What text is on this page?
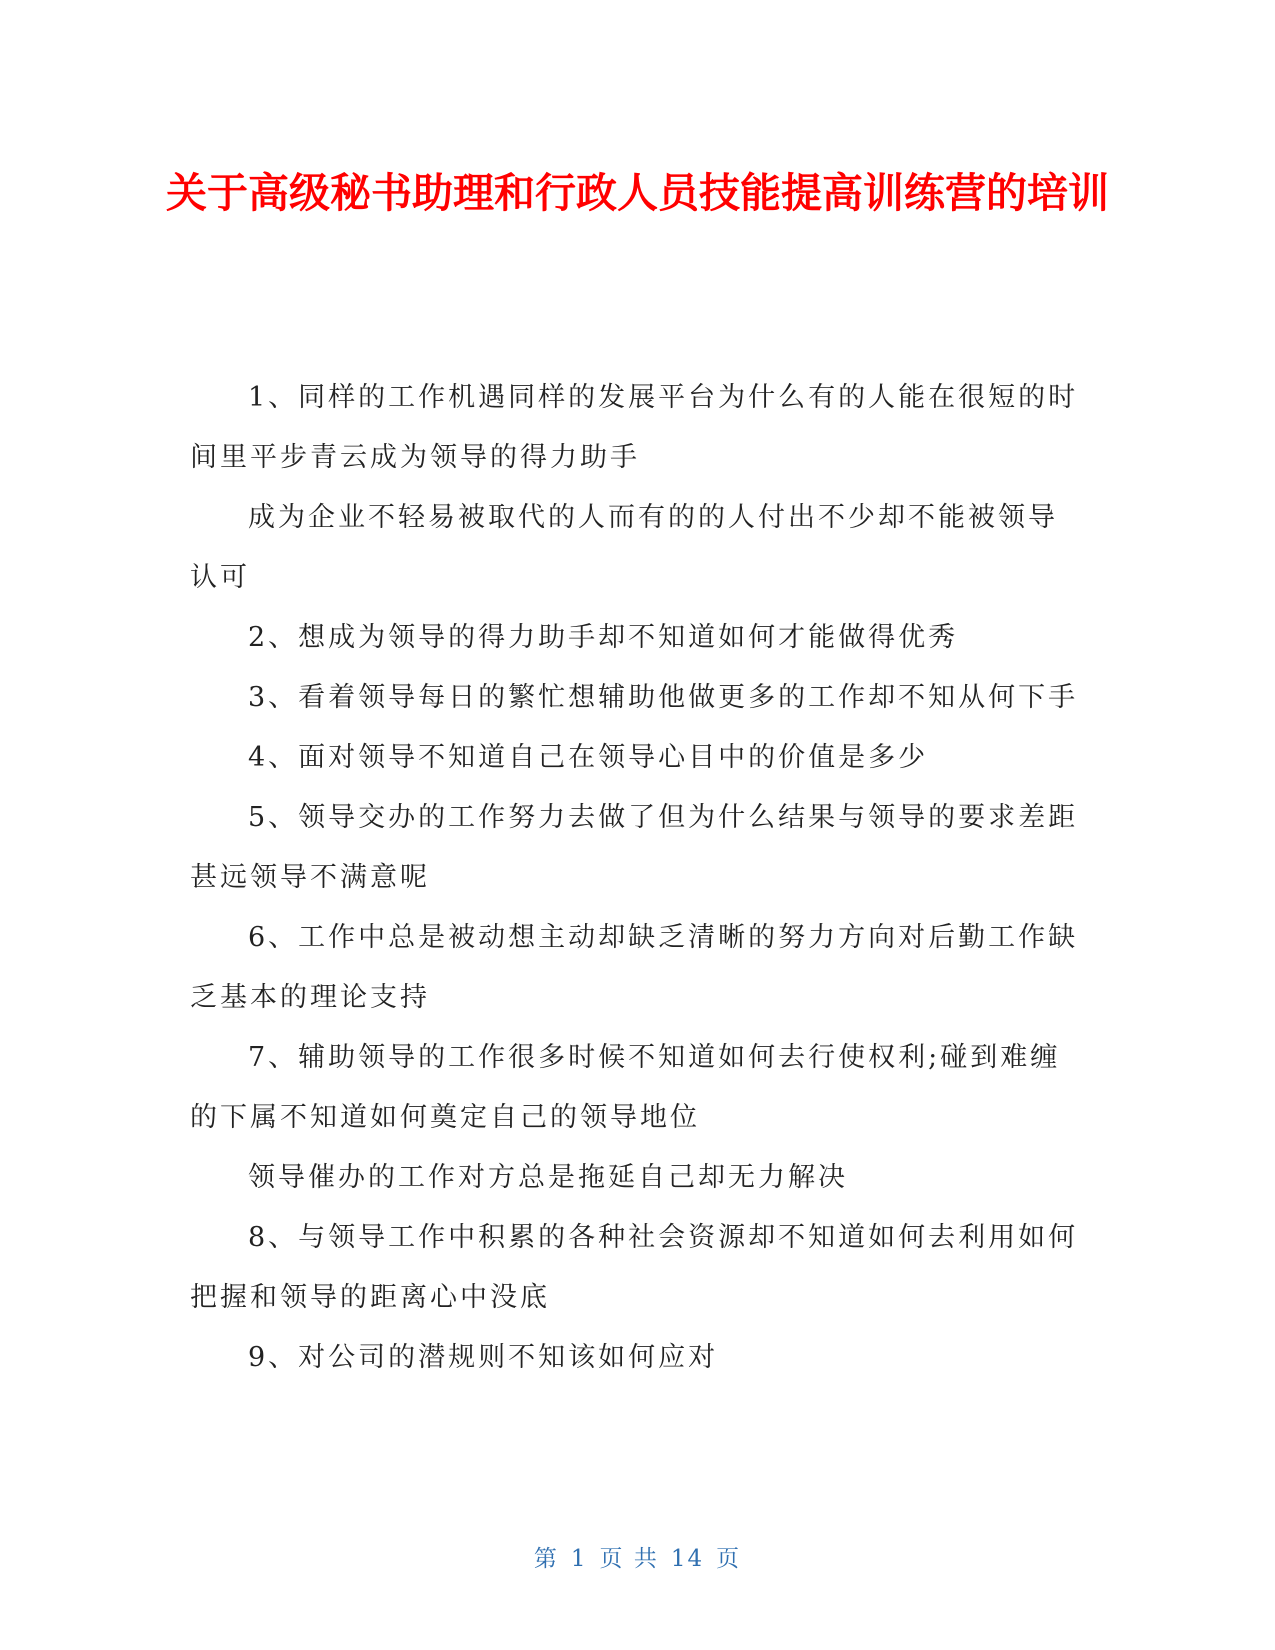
关于高级秘书助理和行政人员技能提高训练营的培训

1、同样的工作机遇同样的发展平台为什么有的人能在很短的时间里平步青云成为领导的得力助手

成为企业不轻易被取代的人而有的的人付出不少却不能被领导认可

2、想成为领导的得力助手却不知道如何才能做得优秀

3、看着领导每日的繁忙想辅助他做更多的工作却不知从何下手

4、面对领导不知道自己在领导心目中的价值是多少

5、领导交办的工作努力去做了但为什么结果与领导的要求差距甚远领导不满意呢

6、工作中总是被动想主动却缺乏清晰的努力方向对后勤工作缺乏基本的理论支持

7、辅助领导的工作很多时候不知道如何去行使权利;碰到难缠的下属不知道如何奠定自己的领导地位

领导催办的工作对方总是拖延自己却无力解决

8、与领导工作中积累的各种社会资源却不知道如何去利用如何把握和领导的距离心中没底

9、对公司的潜规则不知该如何应对

第 1 页 共 14 页
